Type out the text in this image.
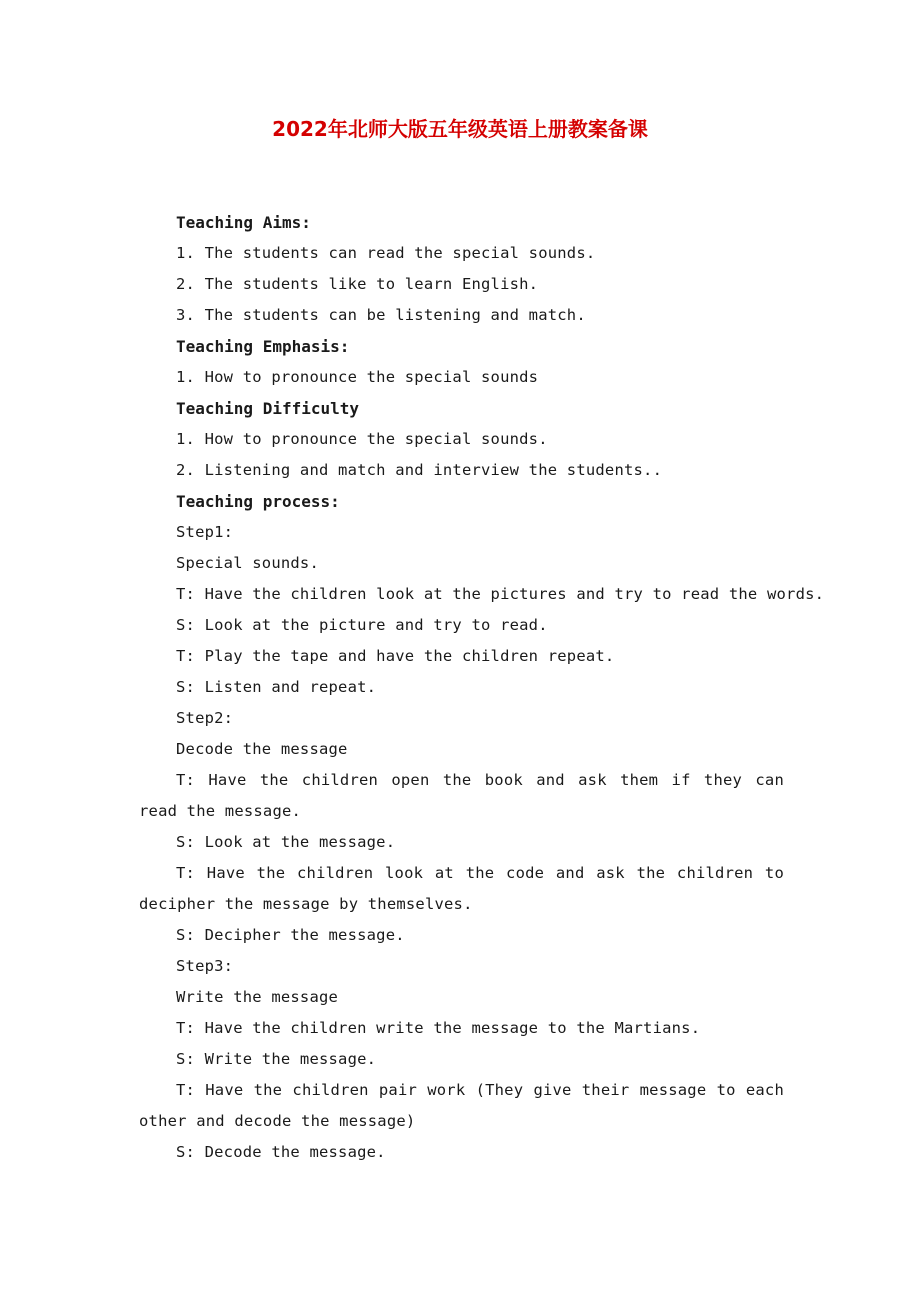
2022年北师大版五年级英语上册教案备课

Teaching Aims:

1. The students can read the special sounds.

2. The students like to learn English.

3. The students can be listening and match.

Teaching Emphasis:

1. How to pronounce the special sounds

Teaching Difficulty

1. How to pronounce the special sounds.

2. Listening and match and interview the students..

Teaching process:

Step1:

Special sounds.

T: Have the children look at the pictures and try to read the words.

S: Look at the picture and try to read.

T: Play the tape and have the children repeat.

S: Listen and repeat.

Step2:

Decode the message

T: Have the children open the book and ask them if they can read the message.

S: Look at the message.

T: Have the children look at the code and ask the children to decipher the message by themselves.

S: Decipher the message.

Step3:

Write the message

T: Have the children write the message to the Martians.

S: Write the message.

T: Have the children pair work (They give their message to each other and decode the message)

S: Decode the message.
